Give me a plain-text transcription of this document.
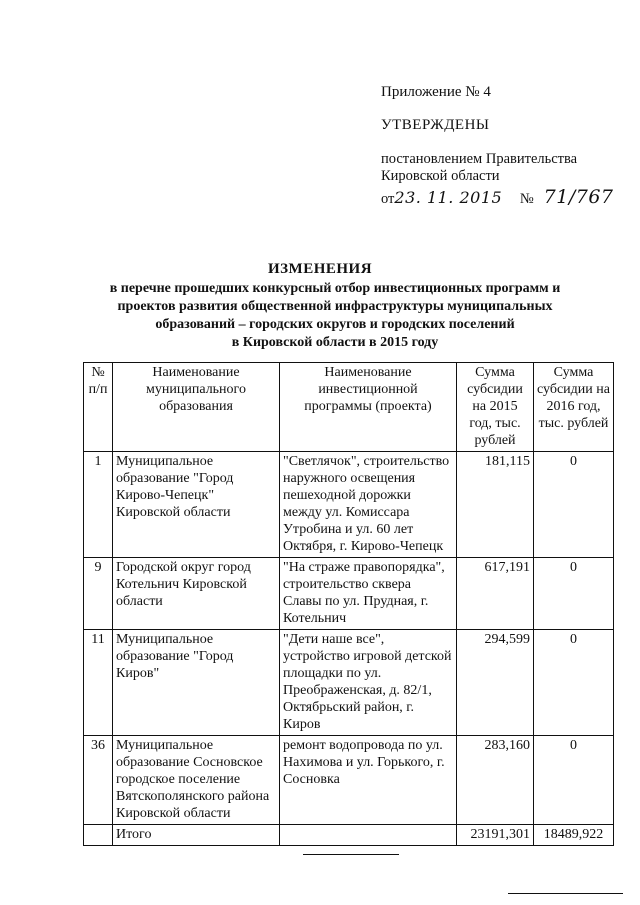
Приложение № 4
УТВЕРЖДЕНЫ
постановлением Правительства
Кировской области
от23. 11. 2015 № 71/767
ИЗМЕНЕНИЯ
в перечне прошедших конкурсный отбор инвестиционных программ и
проектов развития общественной инфраструктуры муниципальных
образований – городских округов и городских поселений
в Кировской области в 2015 году
№ п/п	Наименование муниципального образования	Наименование инвестиционной программы (проекта)	Сумма субсидии на 2015 год, тыс. рублей	Сумма субсидии на 2016 год, тыс. рублей
1	Муниципальное образование "Город Кирово-Чепецк" Кировской области	"Светлячок", строительство наружного освещения пешеходной дорожки между ул. Комиссара Утробина и ул. 60 лет Октября, г. Кирово-Чепецк	181,115	0
9	Городской округ город Котельнич Кировской области	"На страже правопорядка", строительство сквера Славы по ул. Прудная, г. Котельнич	617,191	0
11	Муниципальное образование "Город Киров"	"Дети наше все", устройство игровой детской площадки по ул. Преображенская, д. 82/1, Октябрьский район, г. Киров	294,599	0
36	Муниципальное образование Сосновское городское поселение Вятскополянского района Кировской области	ремонт водопровода по ул. Нахимова и ул. Горького, г. Сосновка	283,160	0
	Итого		23191,301	18489,922
